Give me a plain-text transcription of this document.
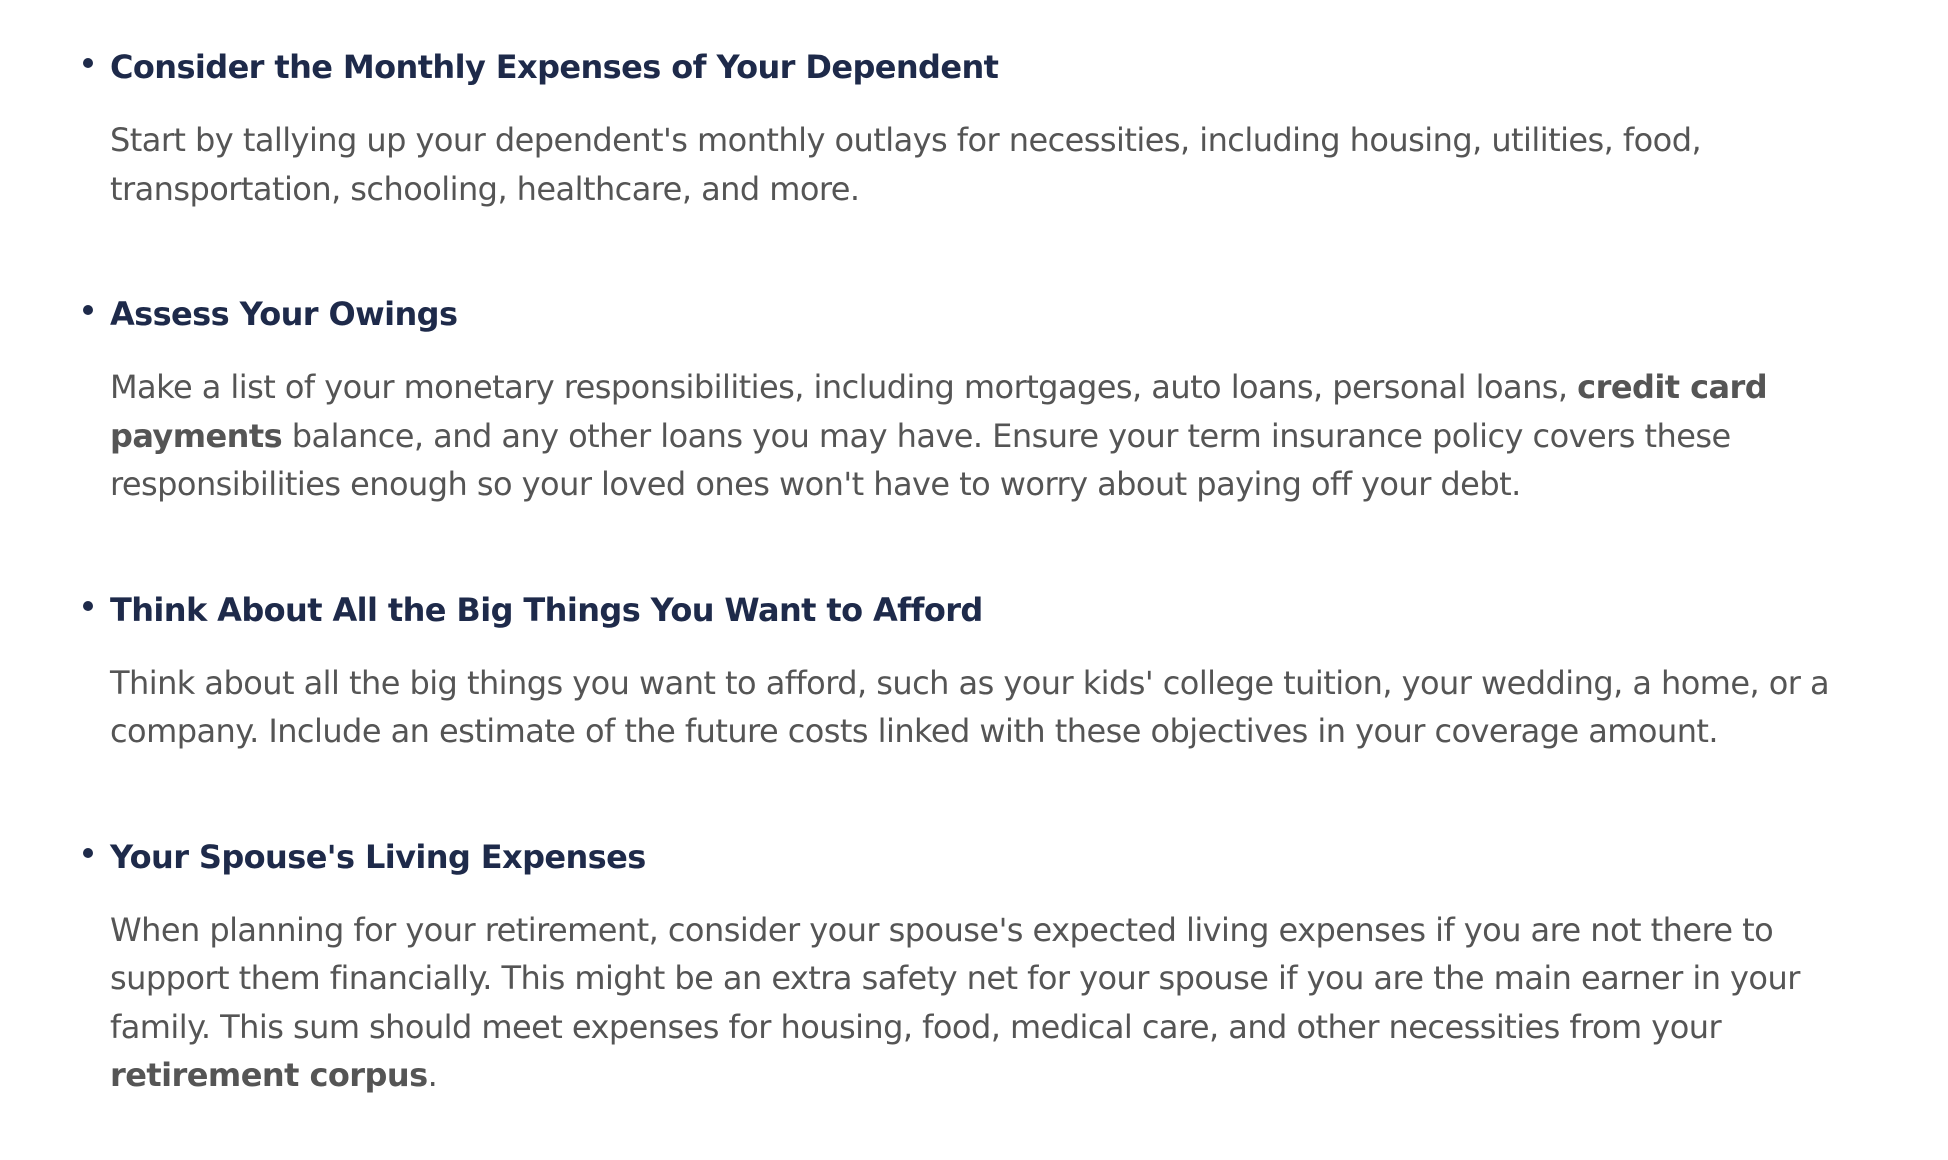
Consider the Monthly Expenses of Your Dependent

Start by tallying up your dependent's monthly outlays for necessities, including housing, utilities, food, transportation, schooling, healthcare, and more.

Assess Your Owings

Make a list of your monetary responsibilities, including mortgages, auto loans, personal loans, credit card payments balance, and any other loans you may have. Ensure your term insurance policy covers these responsibilities enough so your loved ones won't have to worry about paying off your debt.

Think About All the Big Things You Want to Afford

Think about all the big things you want to afford, such as your kids' college tuition, your wedding, a home, or a company. Include an estimate of the future costs linked with these objectives in your coverage amount.

Your Spouse's Living Expenses

When planning for your retirement, consider your spouse's expected living expenses if you are not there to support them financially. This might be an extra safety net for your spouse if you are the main earner in your family. This sum should meet expenses for housing, food, medical care, and other necessities from your retirement corpus.
